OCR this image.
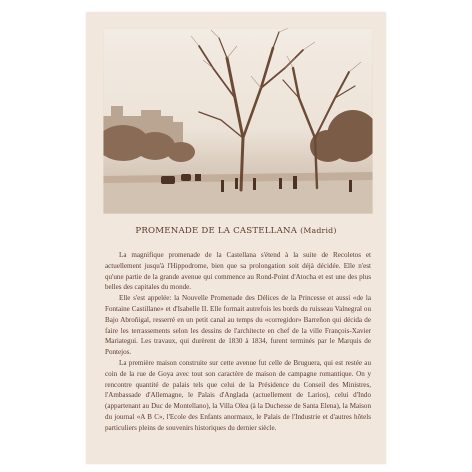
PROMENADE DE LA CASTELLANA (Madrid)

La magnifique promenade de la Castellana s'étend à la suite de Recoletos et actuellement jusqu'à l'Hippodrome, bien que sa prolongation soit déjà décidée. Elle n'est qu'une partie de la grande avenue qui commence au Rond-Point d'Atocha et est une des plus belles des capitales du monde.

Elle s'est appelée: la Nouvelle Promenade des Délices de la Princesse et aussi «de la Fontaine Castillane» et d'Isabelle II. Elle formait autrefois les bords du ruisseau Valnegral ou Bajo Abroñigal, resserré en un petit canal au temps du «corregidor» Barreñon qui décida de faire les terrassements selon les dessins de l'architecte en chef de la ville François-Xavier Mariategui. Les travaux, qui durèrent de 1830 à 1834, furent terminés par le Marquis de Pontejos.

La première maison construite sur cette avenue fut celle de Bruguera, qui est restée au coin de la rue de Goya avec tout son caractère de maison de campagne romantique. On y rencontre quantité de palais tels que celui de la Présidence du Conseil des Ministres, l'Ambassade d'Allemagne, le Palais d'Anglada (actuellement de Larios), celui d'Indo (appartenant au Duc de Montellano), la Villa Olea (à la Duchesse de Santa Elena), la Maison du journal «A B C», l'Ecole des Enfants anormaux, le Palais de l'Industrie et d'autres hôtels particuliers pleins de souvenirs historiques du dernier siècle.
